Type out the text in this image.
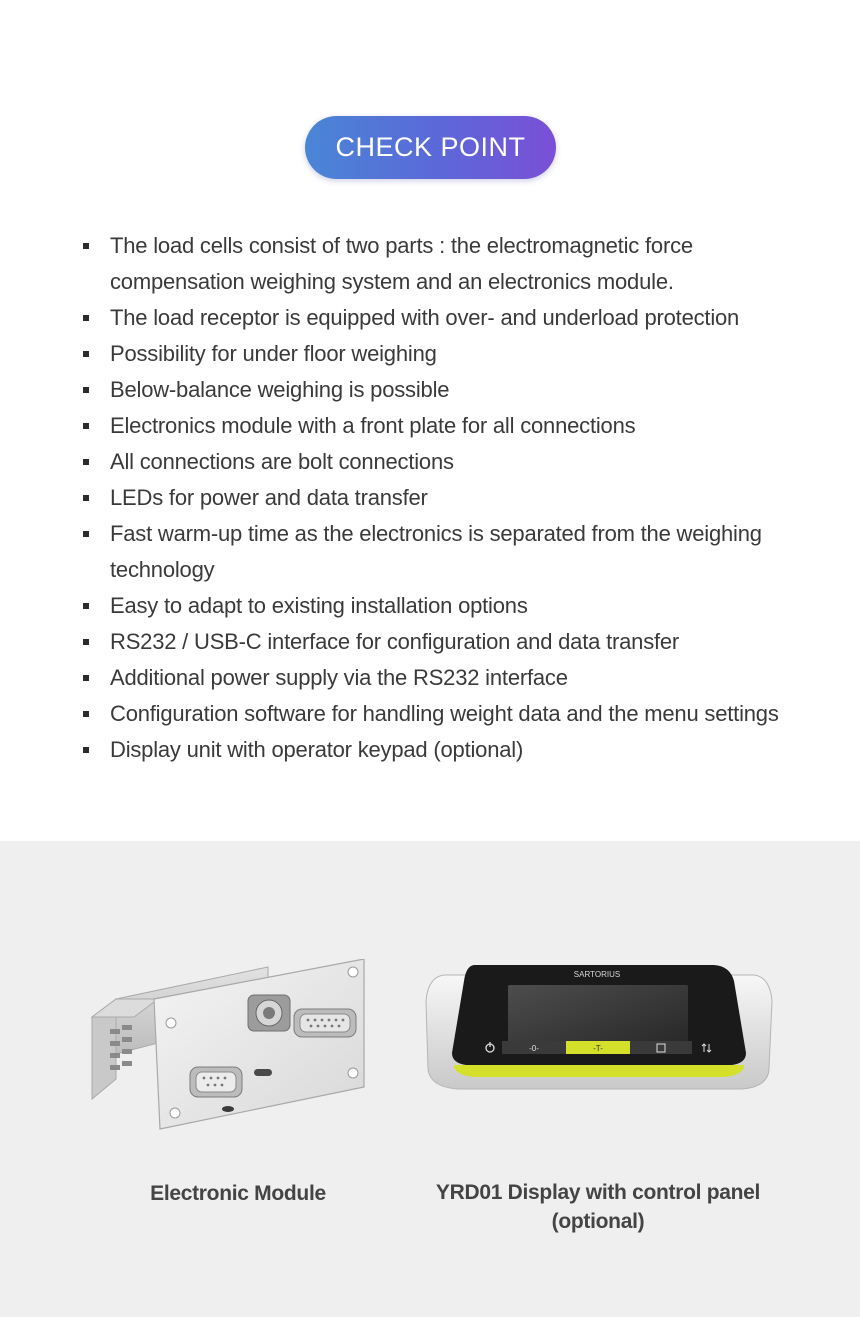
CHECK POINT
The load cells consist of two parts : the electromagnetic force compensation weighing system and an electronics module.
The load receptor is equipped with over- and underload protection
Possibility for under floor weighing
Below-balance weighing is possible
Electronics module with a front plate for all connections
All connections are bolt connections
LEDs for power and data transfer
Fast warm-up time as the electronics is separated from the weighing technology
Easy to adapt to existing installation options
RS232 / USB-C interface for configuration and data transfer
Additional power supply via the RS232 interface
Configuration software for handling weight data and the menu settings
Display unit with operator keypad (optional)
SARTORIUS
-0-	-T-
Electronic Module	YRD01 Display with control panel (optional)
